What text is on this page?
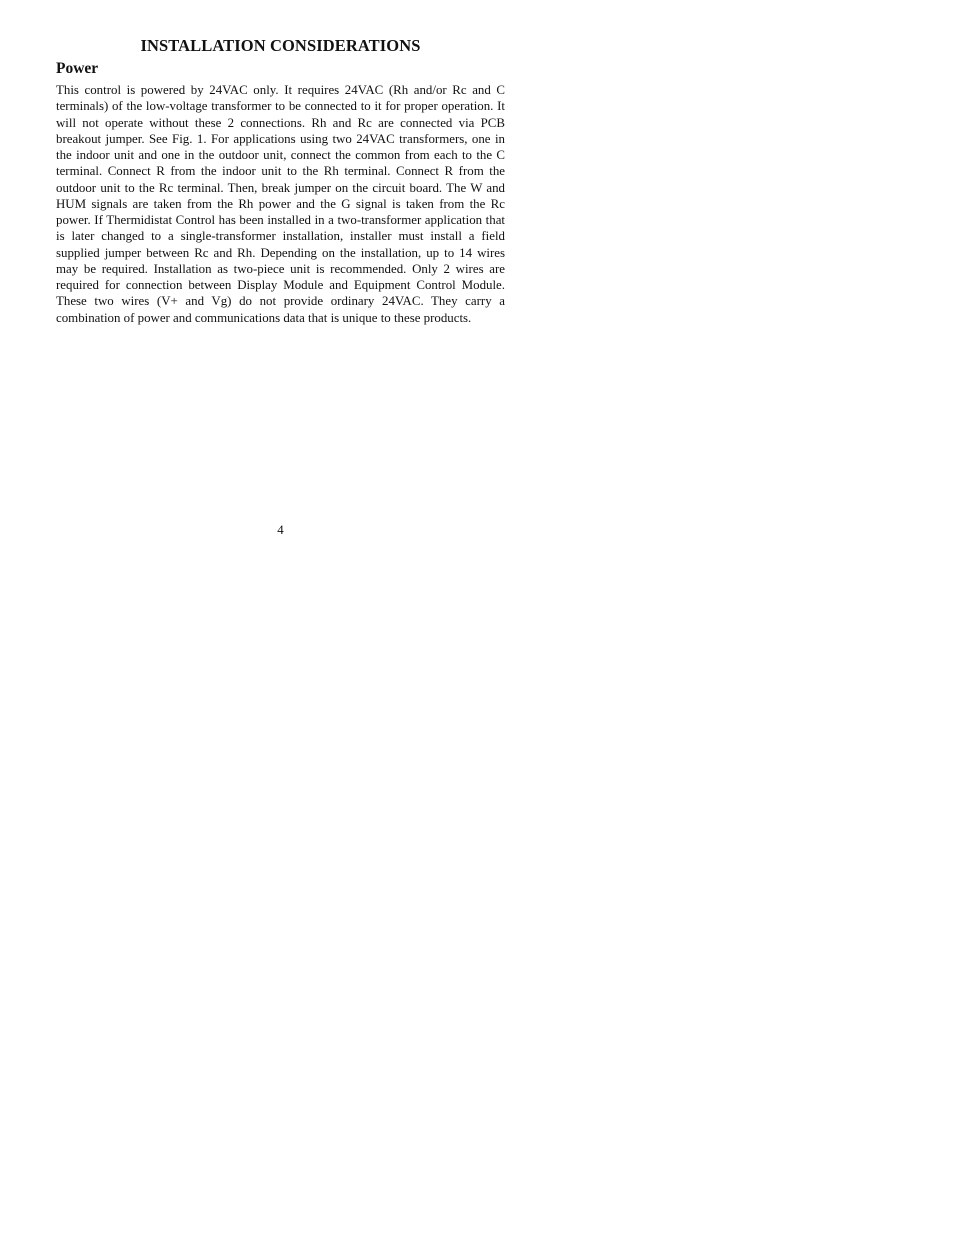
INSTALLATION CONSIDERATIONS
Power

This control is powered by 24VAC only. It requires 24VAC (Rh and/or Rc and C terminals) of the low-voltage transformer to be connected to it for proper operation. It will not operate without these 2 connections. Rh and Rc are connected via PCB breakout jumper. See Fig. 1. For applications using two 24VAC transformers, one in the indoor unit and one in the outdoor unit, connect the common from each to the C terminal. Connect R from the indoor unit to the Rh terminal. Connect R from the outdoor unit to the Rc terminal. Then, break jumper on the circuit board. The W and HUM signals are taken from the Rh power and the G signal is taken from the Rc power. If Thermidistat Control has been installed in a two-transformer application that is later changed to a single-transformer installation, installer must install a field supplied jumper between Rc and Rh. Depending on the installation, up to 14 wires may be required. Installation as two-piece unit is recommended. Only 2 wires are required for connection between Display Module and Equipment Control Module. These two wires (V+ and Vg) do not provide ordinary 24VAC. They carry a combination of power and communications data that is unique to these products.

4
